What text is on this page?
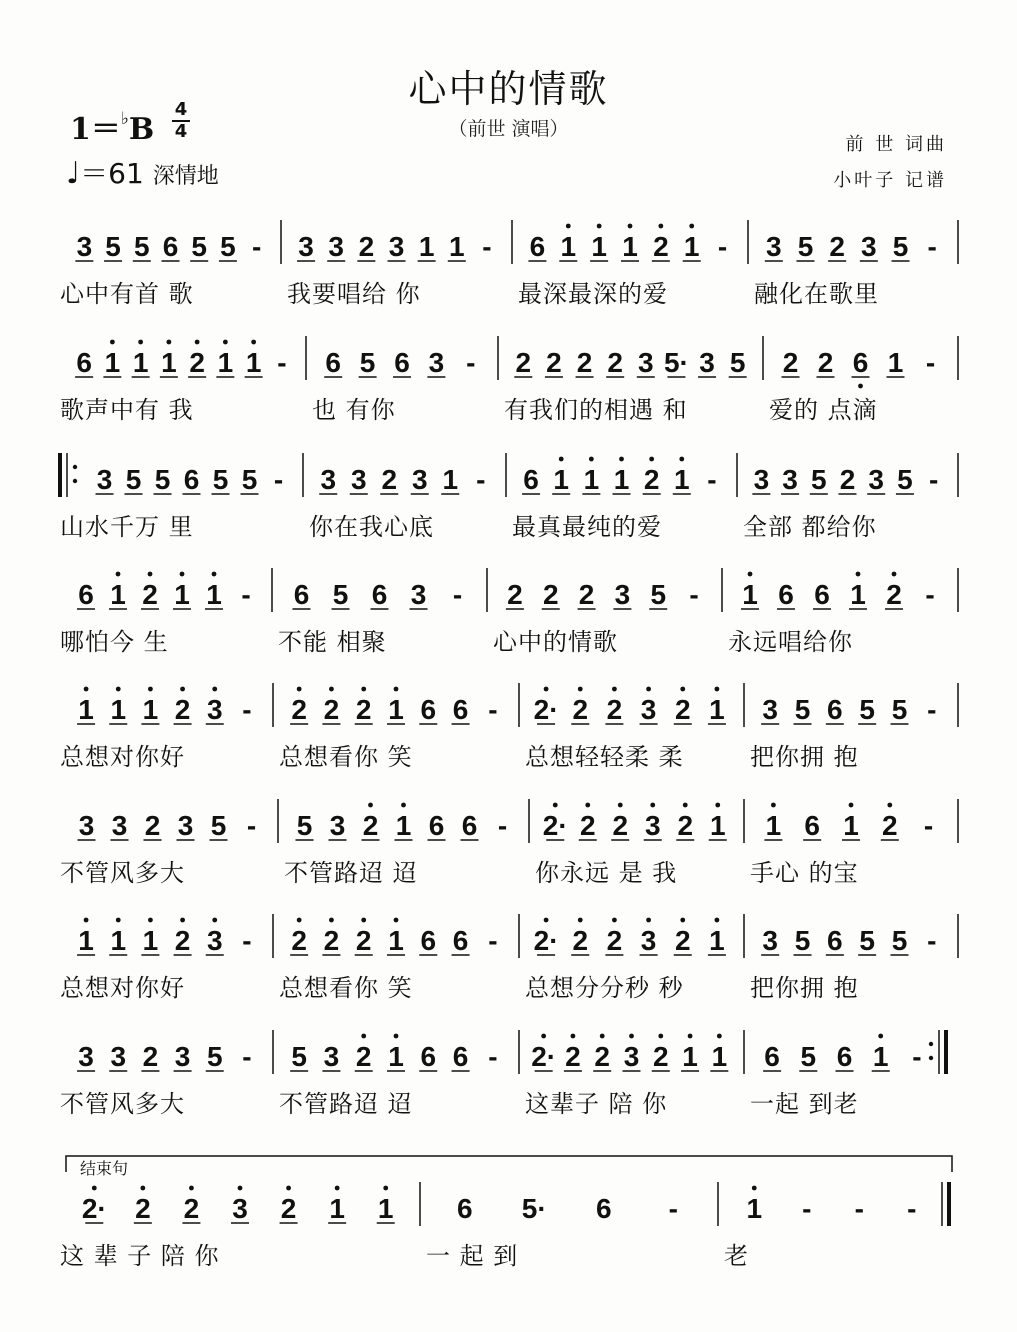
心中的情歌
（前世 演唱）
1＝♭B
4
4
♩＝61 深情地
前 世 词曲
小叶子 记谱
3 5 5 6 5 5 -
心中有首 歌
3 3 2 3 1 1 -
我要唱给 你
6 1 1 1 2 1 -
最深最深的爱
3 5 2 3 5 -
融化在歌里
6 1 1 1 2 1 1 -
歌声中有 我
6 5 6 3 -
也 有你
2 2 2 2 3 5· 3 5
有我们的相遇 和
2 2 6 1 -
爱的 点滴
3 5 5 6 5 5 -
山水千万 里
3 3 2 3 1 -
你在我心底
6 1 1 1 2 1 -
最真最纯的爱
3 3 5 2 3 5 -
全部 都给你
6 1 2 1 1 -
哪怕今 生
6 5 6 3 -
不能 相聚
2 2 2 3 5 -
心中的情歌
1 6 6 1 2 -
永远唱给你
1 1 1 2 3 -
总想对你好
2 2 2 1 6 6 -
总想看你 笑
2· 2 2 3 2 1
总想轻轻柔 柔
3 5 6 5 5 -
把你拥 抱
3 3 2 3 5 -
不管风多大
5 3 2 1 6 6 -
不管路迢 迢
2· 2 2 3 2 1
你永远 是 我
1 6 1 2 -
手心 的宝
1 1 1 2 3 -
总想对你好
2 2 2 1 6 6 -
总想看你 笑
2· 2 2 3 2 1
总想分分秒 秒
3 5 6 5 5 -
把你拥 抱
3 3 2 3 5 -
不管风多大
5 3 2 1 6 6 -
不管路迢 迢
2· 2 2 3 2 1 1
这辈子 陪 你
6 5 6 1 -
一起 到老
2· 2 2 3 2 1 1
这 辈 子 陪 你
6 5· 6 -
一 起 到
1 - - -
老
结束句
